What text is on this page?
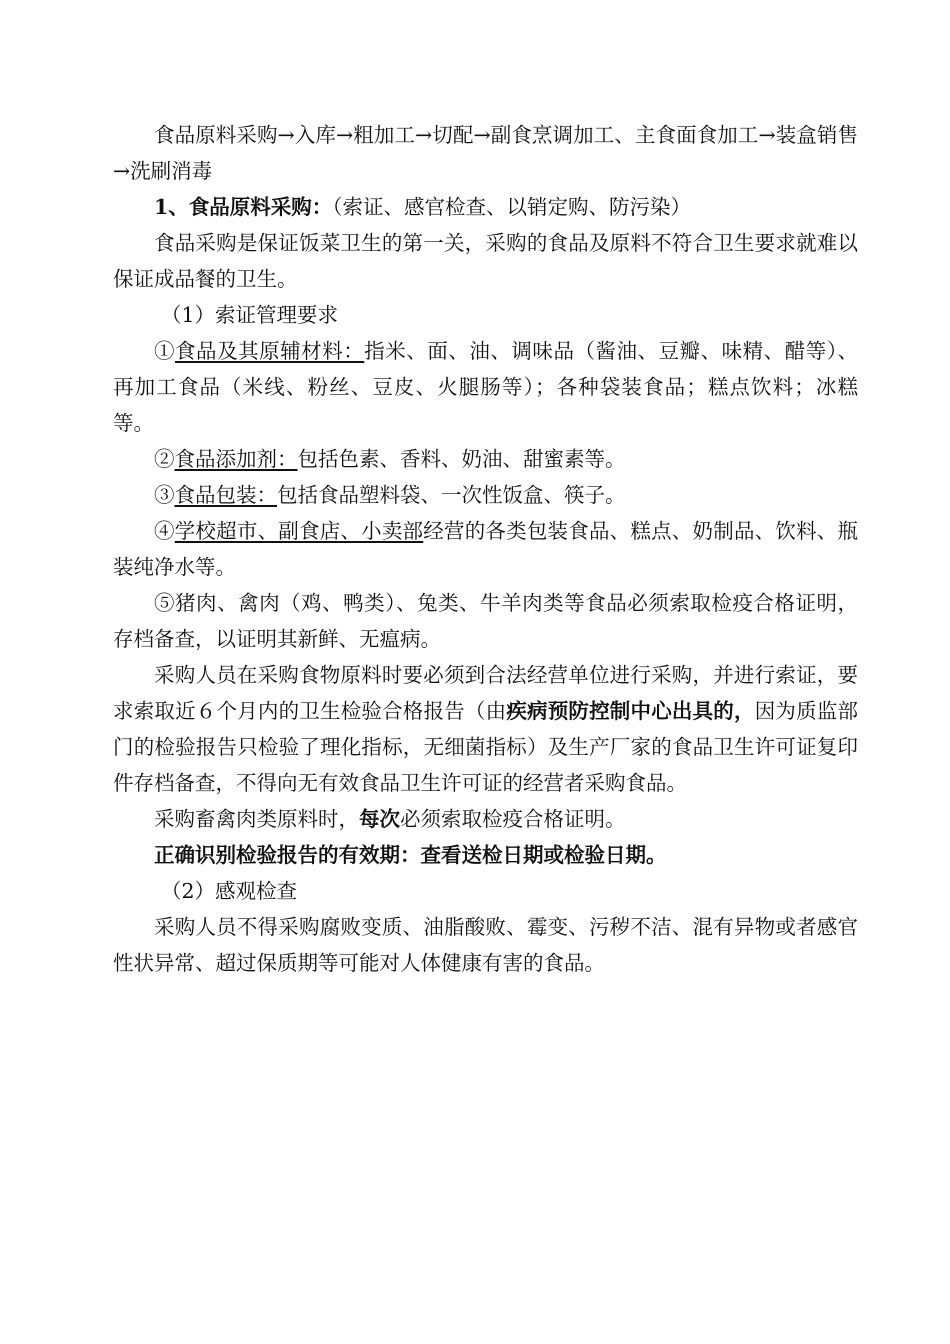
食品原料采购→入库→粗加工→切配→副食烹调加工、主食面食加工→装盒销售→洗刷消毒

1、食品原料采购：（索证、感官检查、以销定购、防污染）

食品采购是保证饭菜卫生的第一关，采购的食品及原料不符合卫生要求就难以保证成品餐的卫生。

（1）索证管理要求

①食品及其原辅材料：指米、面、油、调味品（酱油、豆瓣、味精、醋等）、再加工食品（米线、粉丝、豆皮、火腿肠等）；各种袋装食品；糕点饮料；冰糕等。

②食品添加剂：包括色素、香料、奶油、甜蜜素等。

③食品包装：包括食品塑料袋、一次性饭盒、筷子。

④学校超市、副食店、小卖部经营的各类包装食品、糕点、奶制品、饮料、瓶装纯净水等。

⑤猪肉、禽肉（鸡、鸭类）、兔类、牛羊肉类等食品必须索取检疫合格证明，存档备查，以证明其新鲜、无瘟病。

采购人员在采购食物原料时要必须到合法经营单位进行采购，并进行索证，要求索取近６个月内的卫生检验合格报告（由疾病预防控制中心出具的，因为质监部门的检验报告只检验了理化指标，无细菌指标）及生产厂家的食品卫生许可证复印件存档备查，不得向无有效食品卫生许可证的经营者采购食品。

采购畜禽肉类原料时，每次必须索取检疫合格证明。

正确识别检验报告的有效期：查看送检日期或检验日期。

（2）感观检查

采购人员不得采购腐败变质、油脂酸败、霉变、污秽不洁、混有异物或者感官性状异常、超过保质期等可能对人体健康有害的食品。
